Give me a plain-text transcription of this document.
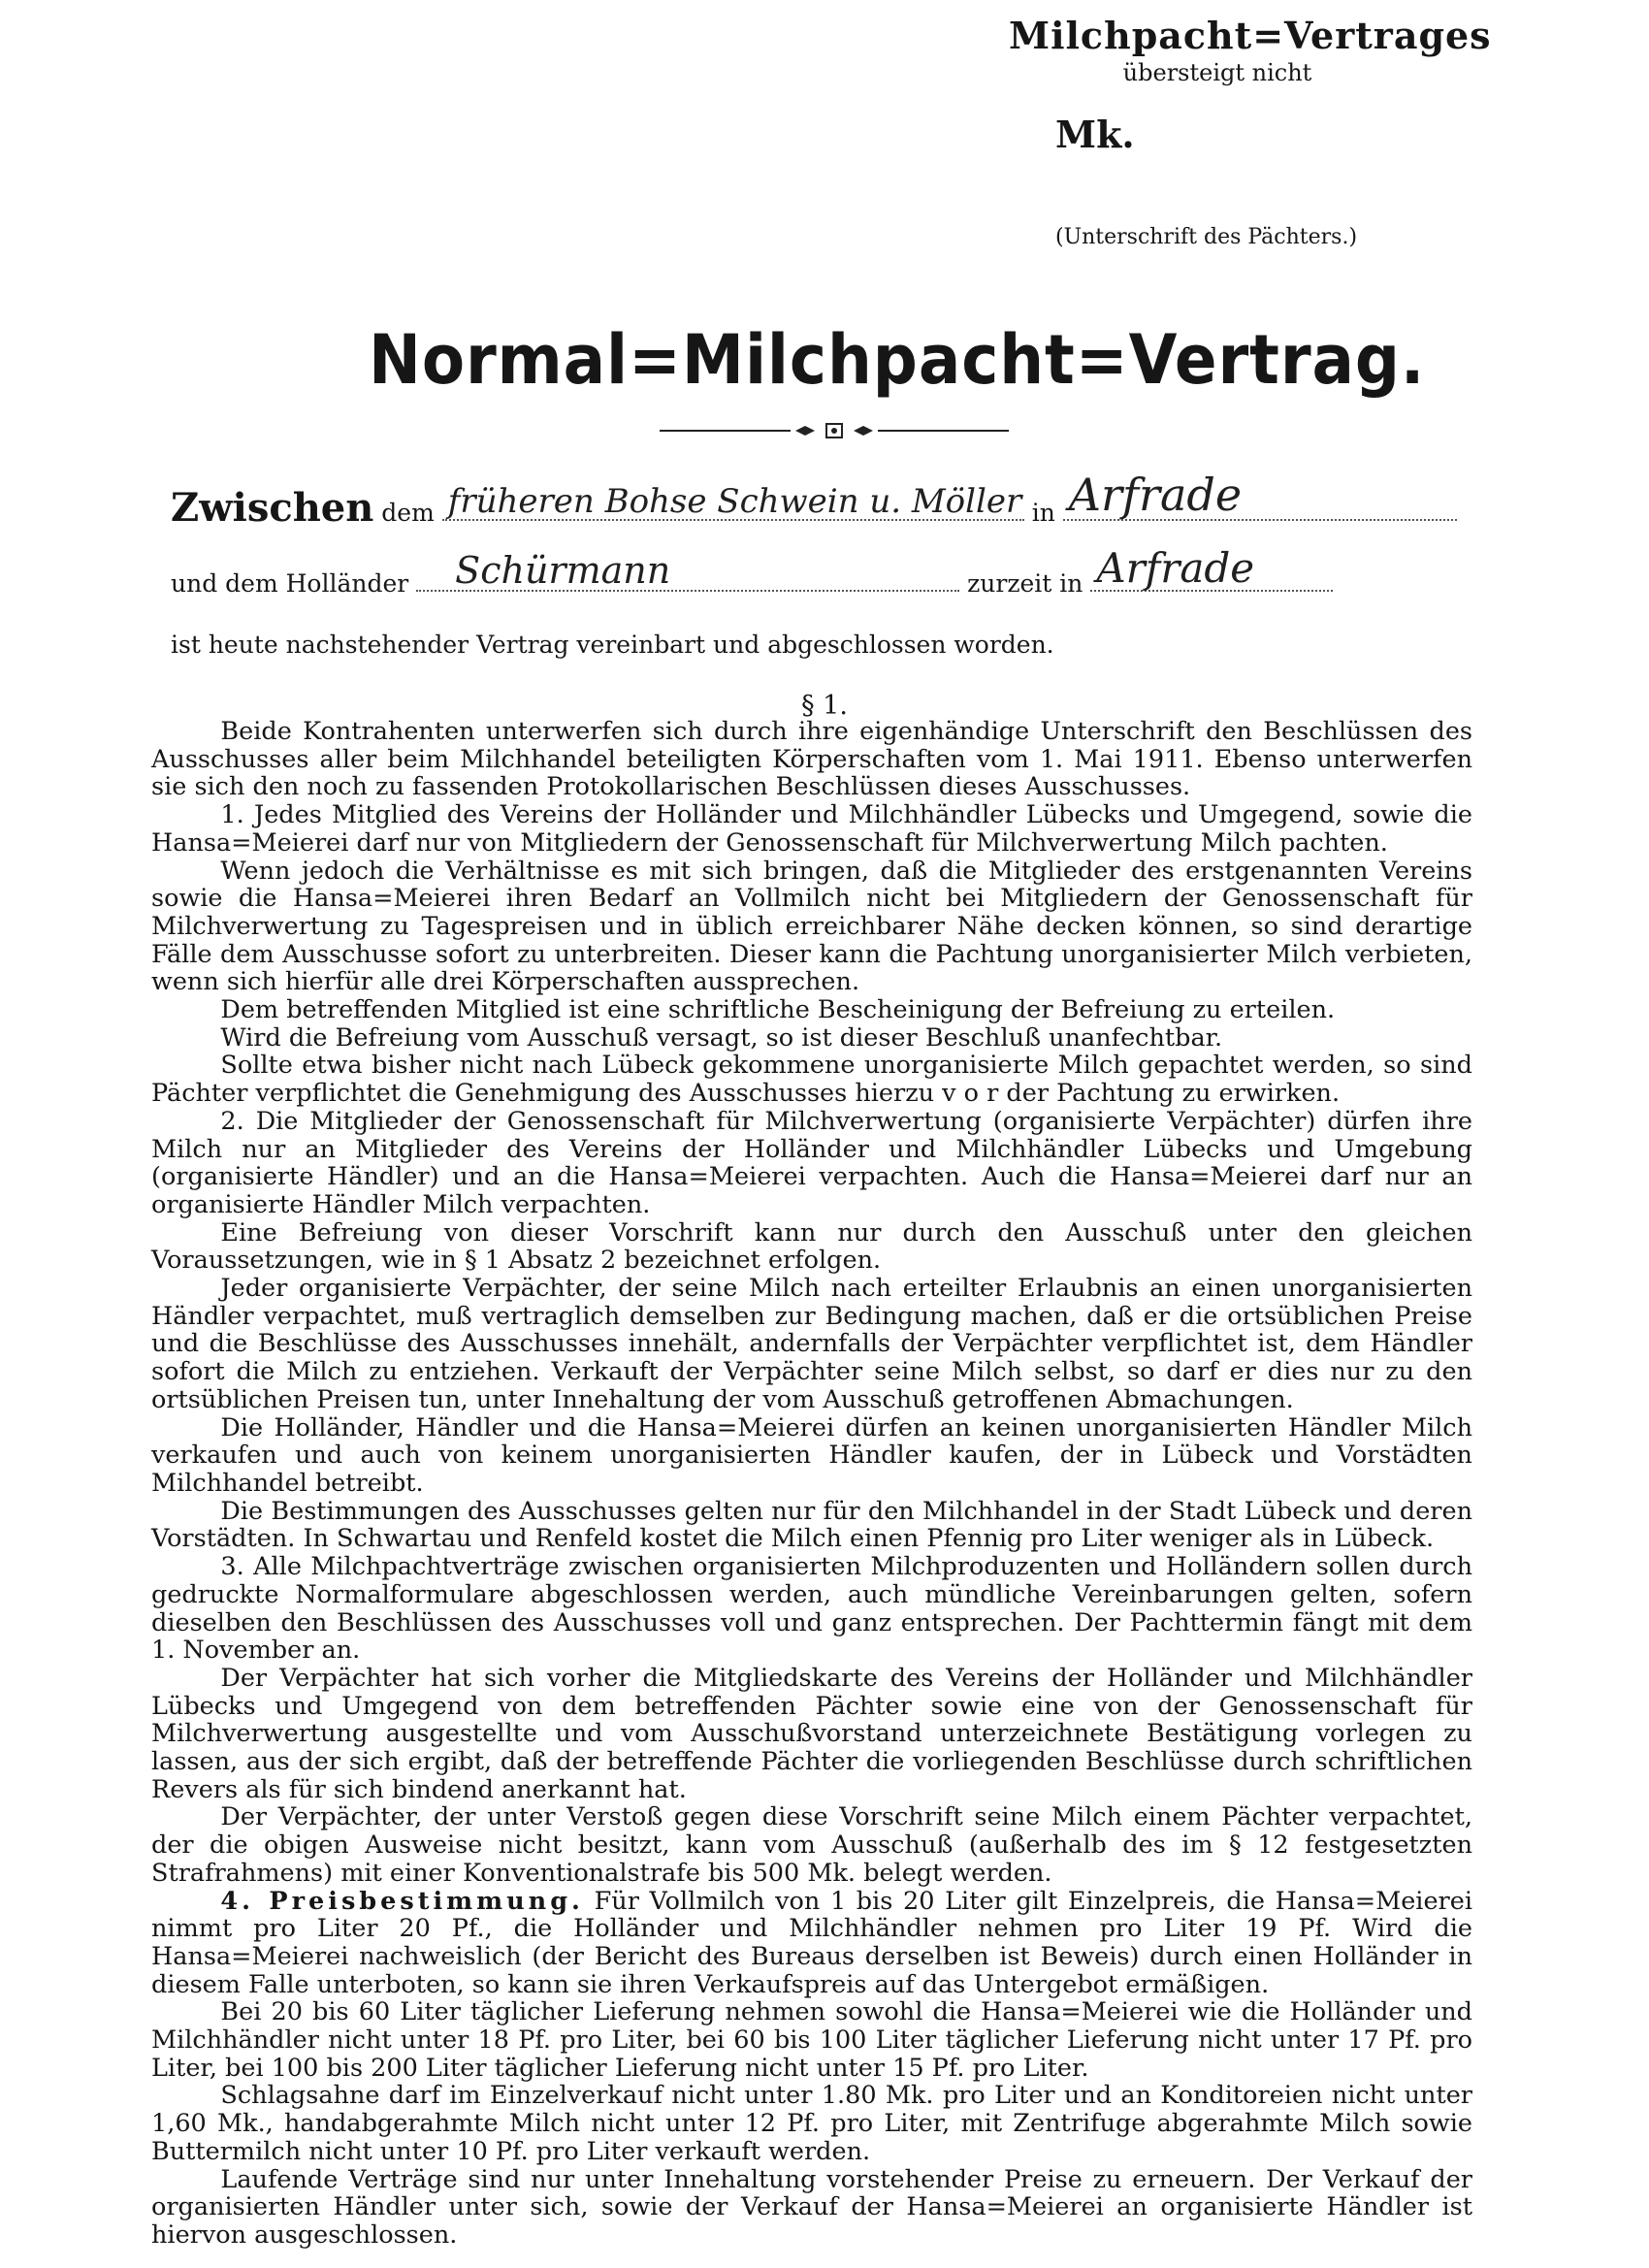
Milchpacht=Vertrages
übersteigt nicht
Mk.
(Unterschrift des Pächters.)
Normal=Milchpacht=Vertrag.
Zwischen dem früheren Bohse Schwein u. Möller in Arfrade
und dem Holländer Schürmann	zurzeit in Arfrade
ist heute nachstehender Vertrag vereinbart und abgeschlossen worden.
§ 1.

Beide Kontrahenten unterwerfen sich durch ihre eigenhändige Unterschrift den Beschlüssen des Ausschusses aller beim Milchhandel beteiligten Körperschaften vom 1. Mai 1911. Ebenso unterwerfen sie sich den noch zu fassenden Protokollarischen Beschlüssen dieses Ausschusses.

1. Jedes Mitglied des Vereins der Holländer und Milchhändler Lübecks und Umgegend, sowie die Hansa=Meierei darf nur von Mitgliedern der Genossenschaft für Milchverwertung Milch pachten.

Wenn jedoch die Verhältnisse es mit sich bringen, daß die Mitglieder des erstgenannten Vereins sowie die Hansa=Meierei ihren Bedarf an Vollmilch nicht bei Mitgliedern der Genossenschaft für Milchverwertung zu Tagespreisen und in üblich erreichbarer Nähe decken können, so sind derartige Fälle dem Ausschusse sofort zu unterbreiten. Dieser kann die Pachtung unorganisierter Milch verbieten, wenn sich hierfür alle drei Körperschaften aussprechen.

Dem betreffenden Mitglied ist eine schriftliche Bescheinigung der Befreiung zu erteilen.

Wird die Befreiung vom Ausschuß versagt, so ist dieser Beschluß unanfechtbar.

Sollte etwa bisher nicht nach Lübeck gekommene unorganisierte Milch gepachtet werden, so sind Pächter verpflichtet die Genehmigung des Ausschusses hierzu v o r der Pachtung zu erwirken.

2. Die Mitglieder der Genossenschaft für Milchverwertung (organisierte Verpächter) dürfen ihre Milch nur an Mitglieder des Vereins der Holländer und Milchhändler Lübecks und Umgebung (organisierte Händler) und an die Hansa=Meierei verpachten. Auch die Hansa=Meierei darf nur an organisierte Händler Milch verpachten.

Eine Befreiung von dieser Vorschrift kann nur durch den Ausschuß unter den gleichen Voraussetzungen, wie in § 1 Absatz 2 bezeichnet erfolgen.

Jeder organisierte Verpächter, der seine Milch nach erteilter Erlaubnis an einen unorganisierten Händler verpachtet, muß vertraglich demselben zur Bedingung machen, daß er die ortsüblichen Preise und die Beschlüsse des Ausschusses innehält, andernfalls der Verpächter verpflichtet ist, dem Händler sofort die Milch zu entziehen. Verkauft der Verpächter seine Milch selbst, so darf er dies nur zu den ortsüblichen Preisen tun, unter Innehaltung der vom Ausschuß getroffenen Abmachungen.

Die Holländer, Händler und die Hansa=Meierei dürfen an keinen unorganisierten Händler Milch verkaufen und auch von keinem unorganisierten Händler kaufen, der in Lübeck und Vorstädten Milchhandel betreibt.

Die Bestimmungen des Ausschusses gelten nur für den Milchhandel in der Stadt Lübeck und deren Vorstädten. In Schwartau und Renfeld kostet die Milch einen Pfennig pro Liter weniger als in Lübeck.

3. Alle Milchpachtverträge zwischen organisierten Milchproduzenten und Holländern sollen durch gedruckte Normalformulare abgeschlossen werden, auch mündliche Vereinbarungen gelten, sofern dieselben den Beschlüssen des Ausschusses voll und ganz entsprechen. Der Pachttermin fängt mit dem 1. November an.

Der Verpächter hat sich vorher die Mitgliedskarte des Vereins der Holländer und Milchhändler Lübecks und Umgegend von dem betreffenden Pächter sowie eine von der Genossenschaft für Milchverwertung ausgestellte und vom Ausschußvorstand unterzeichnete Bestätigung vorlegen zu lassen, aus der sich ergibt, daß der betreffende Pächter die vorliegenden Beschlüsse durch schriftlichen Revers als für sich bindend anerkannt hat.

Der Verpächter, der unter Verstoß gegen diese Vorschrift seine Milch einem Pächter verpachtet, der die obigen Ausweise nicht besitzt, kann vom Ausschuß (außerhalb des im § 12 festgesetzten Strafrahmens) mit einer Konventionalstrafe bis 500 Mk. belegt werden.

4. Preisbestimmung. Für Vollmilch von 1 bis 20 Liter gilt Einzelpreis, die Hansa=Meierei nimmt pro Liter 20 Pf., die Holländer und Milchhändler nehmen pro Liter 19 Pf. Wird die Hansa=Meierei nachweislich (der Bericht des Bureaus derselben ist Beweis) durch einen Holländer in diesem Falle unterboten, so kann sie ihren Verkaufspreis auf das Untergebot ermäßigen.

Bei 20 bis 60 Liter täglicher Lieferung nehmen sowohl die Hansa=Meierei wie die Holländer und Milchhändler nicht unter 18 Pf. pro Liter, bei 60 bis 100 Liter täglicher Lieferung nicht unter 17 Pf. pro Liter, bei 100 bis 200 Liter täglicher Lieferung nicht unter 15 Pf. pro Liter.

Schlagsahne darf im Einzelverkauf nicht unter 1.80 Mk. pro Liter und an Konditoreien nicht unter 1,60 Mk., handabgerahmte Milch nicht unter 12 Pf. pro Liter, mit Zentrifuge abgerahmte Milch sowie Buttermilch nicht unter 10 Pf. pro Liter verkauft werden.

Laufende Verträge sind nur unter Innehaltung vorstehender Preise zu erneuern. Der Verkauf der organisierten Händler unter sich, sowie der Verkauf der Hansa=Meierei an organisierte Händler ist hiervon ausgeschlossen.
